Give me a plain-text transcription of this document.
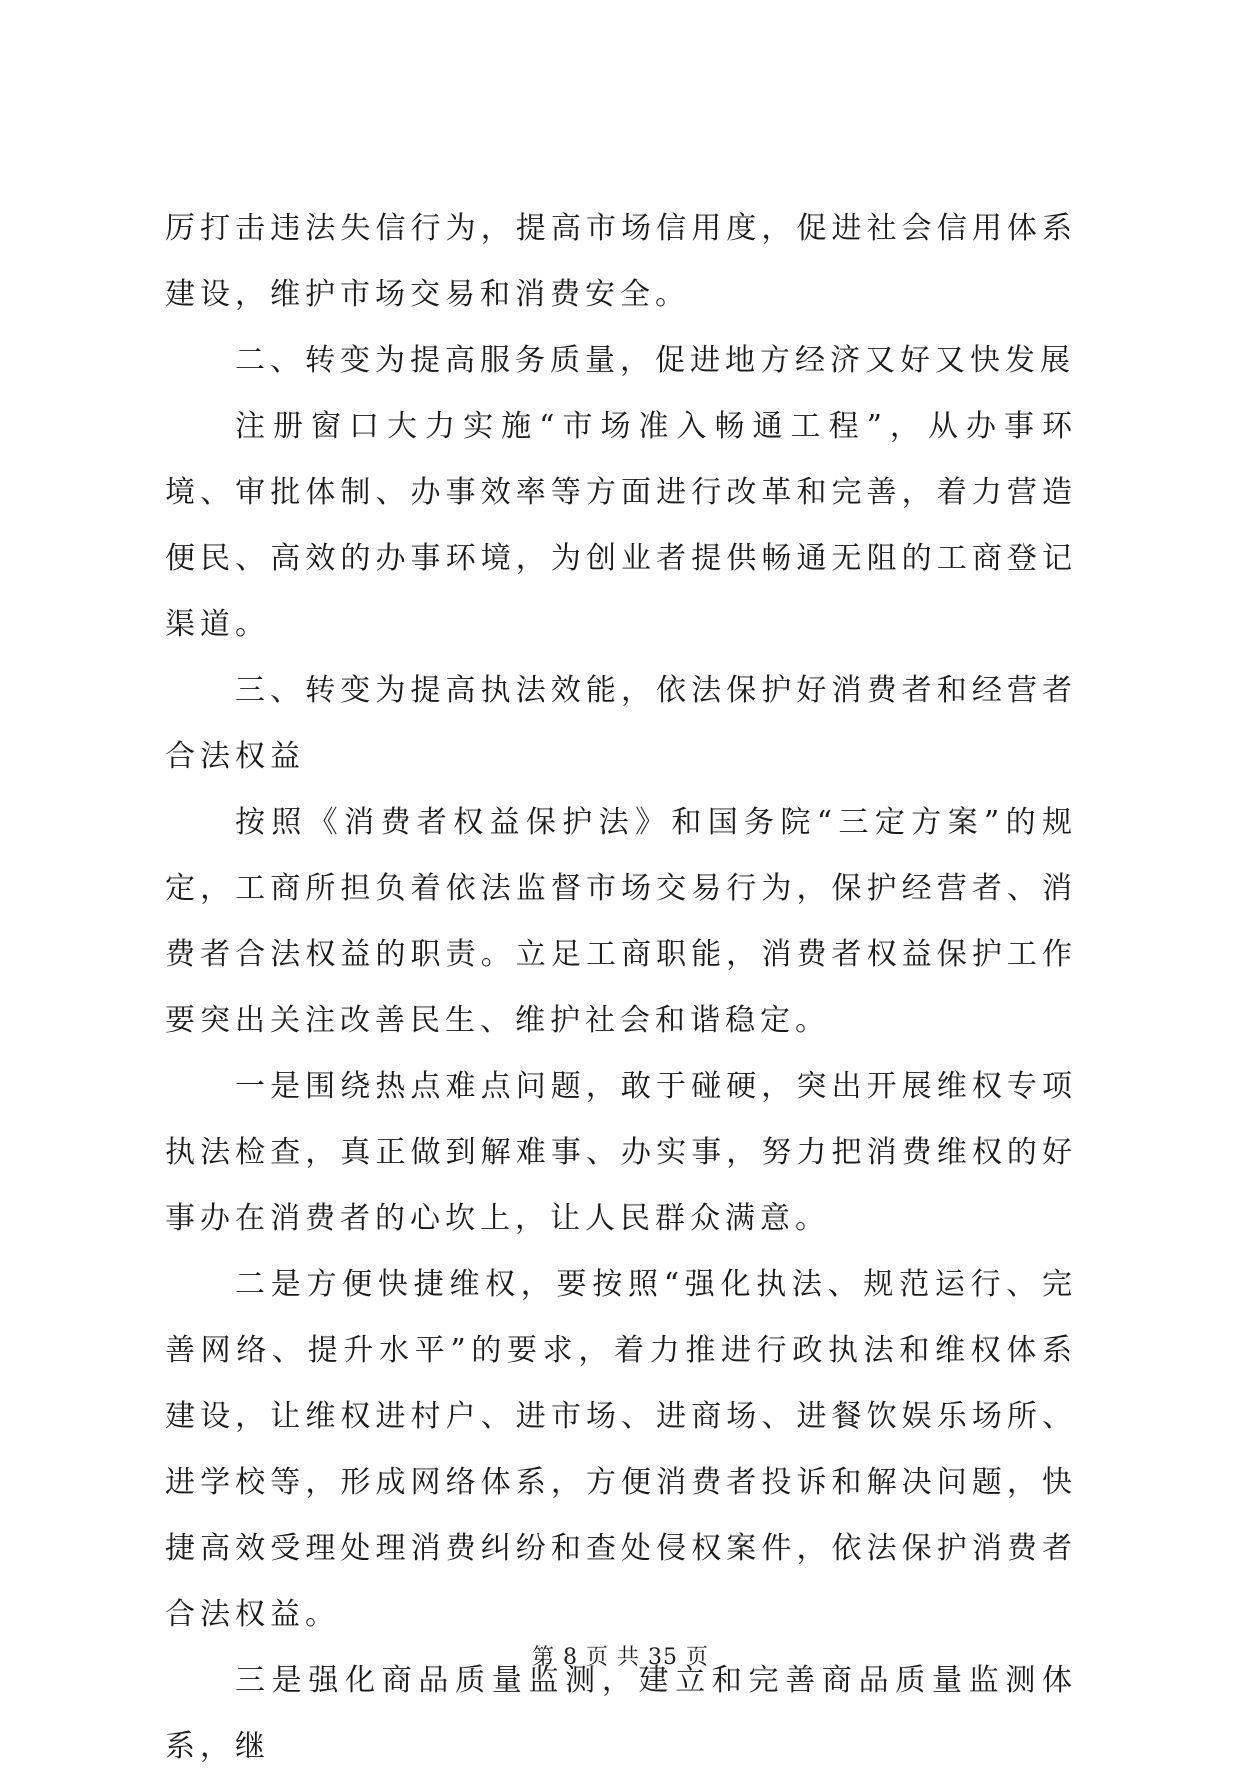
厉打击违法失信行为，提高市场信用度，促进社会信用体系建设，维护市场交易和消费安全。

二、转变为提高服务质量，促进地方经济又好又快发展

注册窗口大力实施“市场准入畅通工程”，从办事环境、审批体制、办事效率等方面进行改革和完善，着力营造便民、高效的办事环境，为创业者提供畅通无阻的工商登记渠道。

三、转变为提高执法效能，依法保护好消费者和经营者合法权益

按照《消费者权益保护法》和国务院“三定方案”的规定，工商所担负着依法监督市场交易行为，保护经营者、消费者合法权益的职责。立足工商职能，消费者权益保护工作要突出关注改善民生、维护社会和谐稳定。

一是围绕热点难点问题，敢于碰硬，突出开展维权专项执法检查，真正做到解难事、办实事，努力把消费维权的好事办在消费者的心坎上，让人民群众满意。

二是方便快捷维权，要按照“强化执法、规范运行、完善网络、提升水平”的要求，着力推进行政执法和维权体系建设，让维权进村户、进市场、进商场、进餐饮娱乐场所、进学校等，形成网络体系，方便消费者投诉和解决问题，快捷高效受理处理消费纠纷和查处侵权案件，依法保护消费者合法权益。

三是强化商品质量监测，建立和完善商品质量监测体系，继

第 8 页 共 35 页
